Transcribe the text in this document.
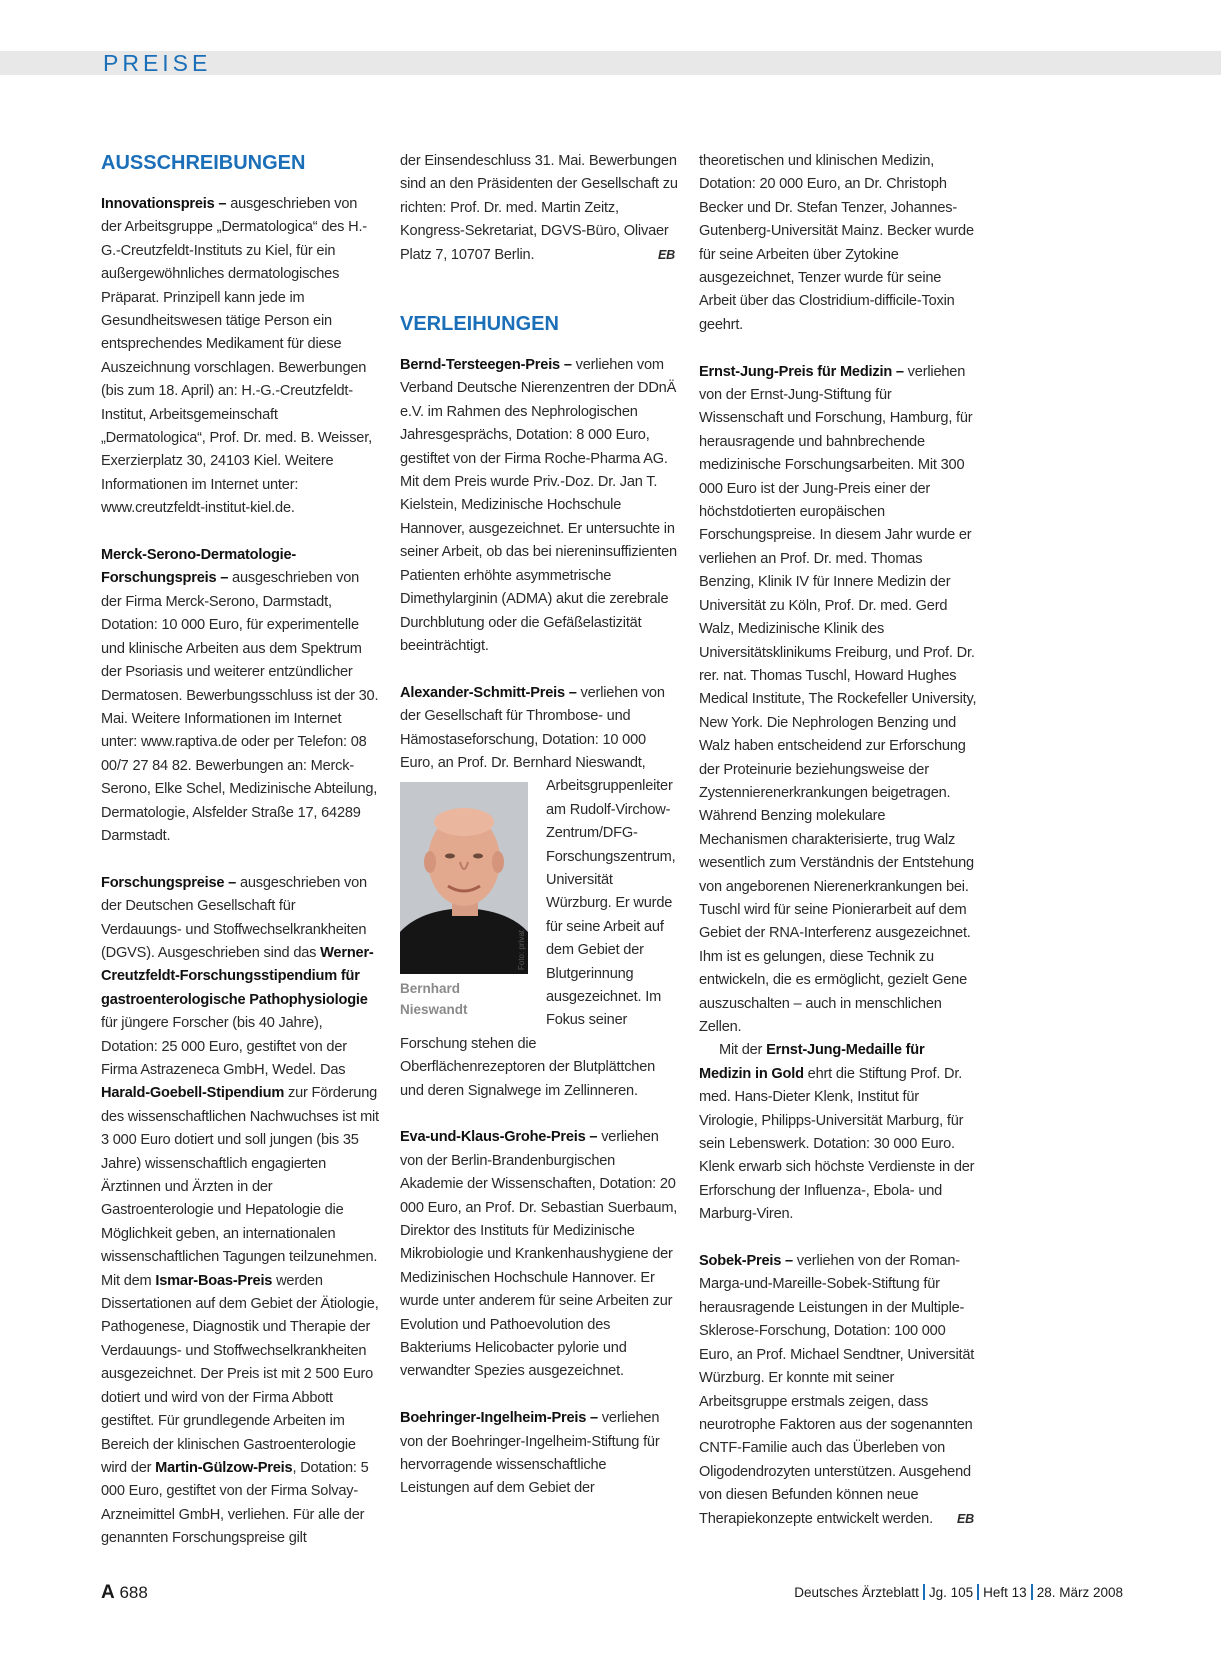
PREISE
AUSSCHREIBUNGEN

Innovationspreis – ausgeschrieben von der Arbeitsgruppe „Dermatologica“ des H.-G.-Creutzfeldt-Instituts zu Kiel, für ein außergewöhnliches dermatologisches Präparat. Prinzipell kann jede im Gesundheitswesen tätige Person ein entsprechendes Medikament für diese Auszeichnung vorschlagen. Bewerbungen (bis zum 18. April) an: H.-G.-Creutzfeldt-Institut, Arbeitsgemeinschaft „Dermatologica“, Prof. Dr. med. B. Weisser, Exerzierplatz 30, 24103 Kiel. Weitere Informationen im Internet unter: www.creutzfeldt-institut-kiel.de.

Merck-Serono-Dermatologie-Forschungspreis – ausgeschrieben von der Firma Merck-Serono, Darmstadt, Dotation: 10 000 Euro, für experimentelle und klinische Arbeiten aus dem Spektrum der Psoriasis und weiterer entzündlicher Dermatosen. Bewerbungsschluss ist der 30. Mai. Weitere Informationen im Internet unter: www.raptiva.de oder per Telefon: 08 00/7 27 84 82. Bewerbungen an: Merck-Serono, Elke Schel, Medizinische Abteilung, Dermatologie, Alsfelder Straße 17, 64289 Darmstadt.

Forschungspreise – ausgeschrieben von der Deutschen Gesellschaft für Verdauungs- und Stoffwechselkrankheiten (DGVS). Ausgeschrieben sind das Werner-Creutzfeldt-Forschungsstipendium für gastroenterologische Pathophysiologie für jüngere Forscher (bis 40 Jahre), Dotation: 25 000 Euro, gestiftet von der Firma Astrazeneca GmbH, Wedel. Das Harald-Goebell-Stipendium zur Förderung des wissenschaftlichen Nachwuchses ist mit 3 000 Euro dotiert und soll jungen (bis 35 Jahre) wissenschaftlich engagierten Ärztinnen und Ärzten in der Gastroenterologie und Hepatologie die Möglichkeit geben, an internationalen wissenschaftlichen Tagungen teilzunehmen. Mit dem Ismar-Boas-Preis werden Dissertationen auf dem Gebiet der Ätiologie, Pathogenese, Diagnostik und Therapie der Verdauungs- und Stoffwechselkrankheiten ausgezeichnet. Der Preis ist mit 2 500 Euro dotiert und wird von der Firma Abbott gestiftet. Für grundlegende Arbeiten im Bereich der klinischen Gastroenterologie wird der Martin-Gülzow-Preis, Dotation: 5 000 Euro, gestiftet von der Firma Solvay-Arzneimittel GmbH, verliehen. Für alle der genannten Forschungspreise gilt

der Einsendeschluss 31. Mai. Bewerbungen sind an den Präsidenten der Gesellschaft zu richten: Prof. Dr. med. Martin Zeitz, Kongress-Sekretariat, DGVS-Büro, Olivaer Platz 7, 10707 Berlin.	EB

VERLEIHUNGEN

Bernd-Tersteegen-Preis – verliehen vom Verband Deutsche Nierenzentren der DDnÄ e.V. im Rahmen des Nephrologischen Jahresgesprächs, Dotation: 8 000 Euro, gestiftet von der Firma Roche-Pharma AG. Mit dem Preis wurde Priv.-Doz. Dr. Jan T. Kielstein, Medizinische Hochschule Hannover, ausgezeichnet. Er untersuchte in seiner Arbeit, ob das bei niereninsuffizienten Patienten erhöhte asymmetrische Dimethylarginin (ADMA) akut die zerebrale Durchblutung oder die Gefäßelastizität beeinträchtigt.

Alexander-Schmitt-Preis – verliehen von der Gesellschaft für Thrombose- und Hämostaseforschung, Dotation: 10 000 Euro, an Prof. Dr. Bernhard Nieswandt, Arbeitsgruppenleiter am Rudolf-Virchow-Zentrum/DFG-Forschungszentrum, Universität Würzburg. Er wurde für seine Arbeit auf dem Gebiet der Blutgerinnung ausgezeichnet. Im Fokus seiner Forschung stehen die Oberflächenrezeptoren der Blutplättchen und deren Signalwege im Zellinneren.

Eva-und-Klaus-Grohe-Preis – verliehen von der Berlin-Brandenburgischen Akademie der Wissenschaften, Dotation: 20 000 Euro, an Prof. Dr. Sebastian Suerbaum, Direktor des Instituts für Medizinische Mikrobiologie und Krankenhaushygiene der Medizinischen Hochschule Hannover. Er wurde unter anderem für seine Arbeiten zur Evolution und Pathoevolution des Bakteriums Helicobacter pylorie und verwandter Spezies ausgezeichnet.

Boehringer-Ingelheim-Preis – verliehen von der Boehringer-Ingelheim-Stiftung für hervorragende wissenschaftliche Leistungen auf dem Gebiet der

Foto: privat
Bernhard Nieswandt

theoretischen und klinischen Medizin, Dotation: 20 000 Euro, an Dr. Christoph Becker und Dr. Stefan Tenzer, Johannes-Gutenberg-Universität Mainz. Becker wurde für seine Arbeiten über Zytokine ausgezeichnet, Tenzer wurde für seine Arbeit über das Clostridium-difficile-Toxin geehrt.

Ernst-Jung-Preis für Medizin – verliehen von der Ernst-Jung-Stiftung für Wissenschaft und Forschung, Hamburg, für herausragende und bahnbrechende medizinische Forschungsarbeiten. Mit 300 000 Euro ist der Jung-Preis einer der höchstdotierten europäischen Forschungspreise. In diesem Jahr wurde er verliehen an Prof. Dr. med. Thomas Benzing, Klinik IV für Innere Medizin der Universität zu Köln, Prof. Dr. med. Gerd Walz, Medizinische Klinik des Universitätsklinikums Freiburg, und Prof. Dr. rer. nat. Thomas Tuschl, Howard Hughes Medical Institute, The Rockefeller University, New York. Die Nephrologen Benzing und Walz haben entscheidend zur Erforschung der Proteinurie beziehungsweise der Zystennierenerkrankungen beigetragen. Während Benzing molekulare Mechanismen charakterisierte, trug Walz wesentlich zum Verständnis der Entstehung von angeborenen Nierenerkrankungen bei. Tuschl wird für seine Pionierarbeit auf dem Gebiet der RNA-Interferenz ausgezeichnet. Ihm ist es gelungen, diese Technik zu entwickeln, die es ermöglicht, gezielt Gene auszuschalten – auch in menschlichen Zellen.

Mit der Ernst-Jung-Medaille für Medizin in Gold ehrt die Stiftung Prof. Dr. med. Hans-Dieter Klenk, Institut für Virologie, Philipps-Universität Marburg, für sein Lebenswerk. Dotation: 30 000 Euro. Klenk erwarb sich höchste Verdienste in der Erforschung der Influenza-, Ebola- und Marburg-Viren.

Sobek-Preis – verliehen von der Roman-Marga-und-Mareille-Sobek-Stiftung für herausragende Leistungen in der Multiple-Sklerose-Forschung, Dotation: 100 000 Euro, an Prof. Michael Sendtner, Universität Würzburg. Er konnte mit seiner Arbeitsgruppe erstmals zeigen, dass neurotrophe Faktoren aus der sogenannten CNTF-Familie auch das Überleben von Oligodendrozyten unterstützen. Ausgehend von diesen Befunden können neue Therapiekonzepte entwickelt werden. EB

A 688	Deutsches Ärzteblatt Jg. 105 Heft 13 28. März 2008
